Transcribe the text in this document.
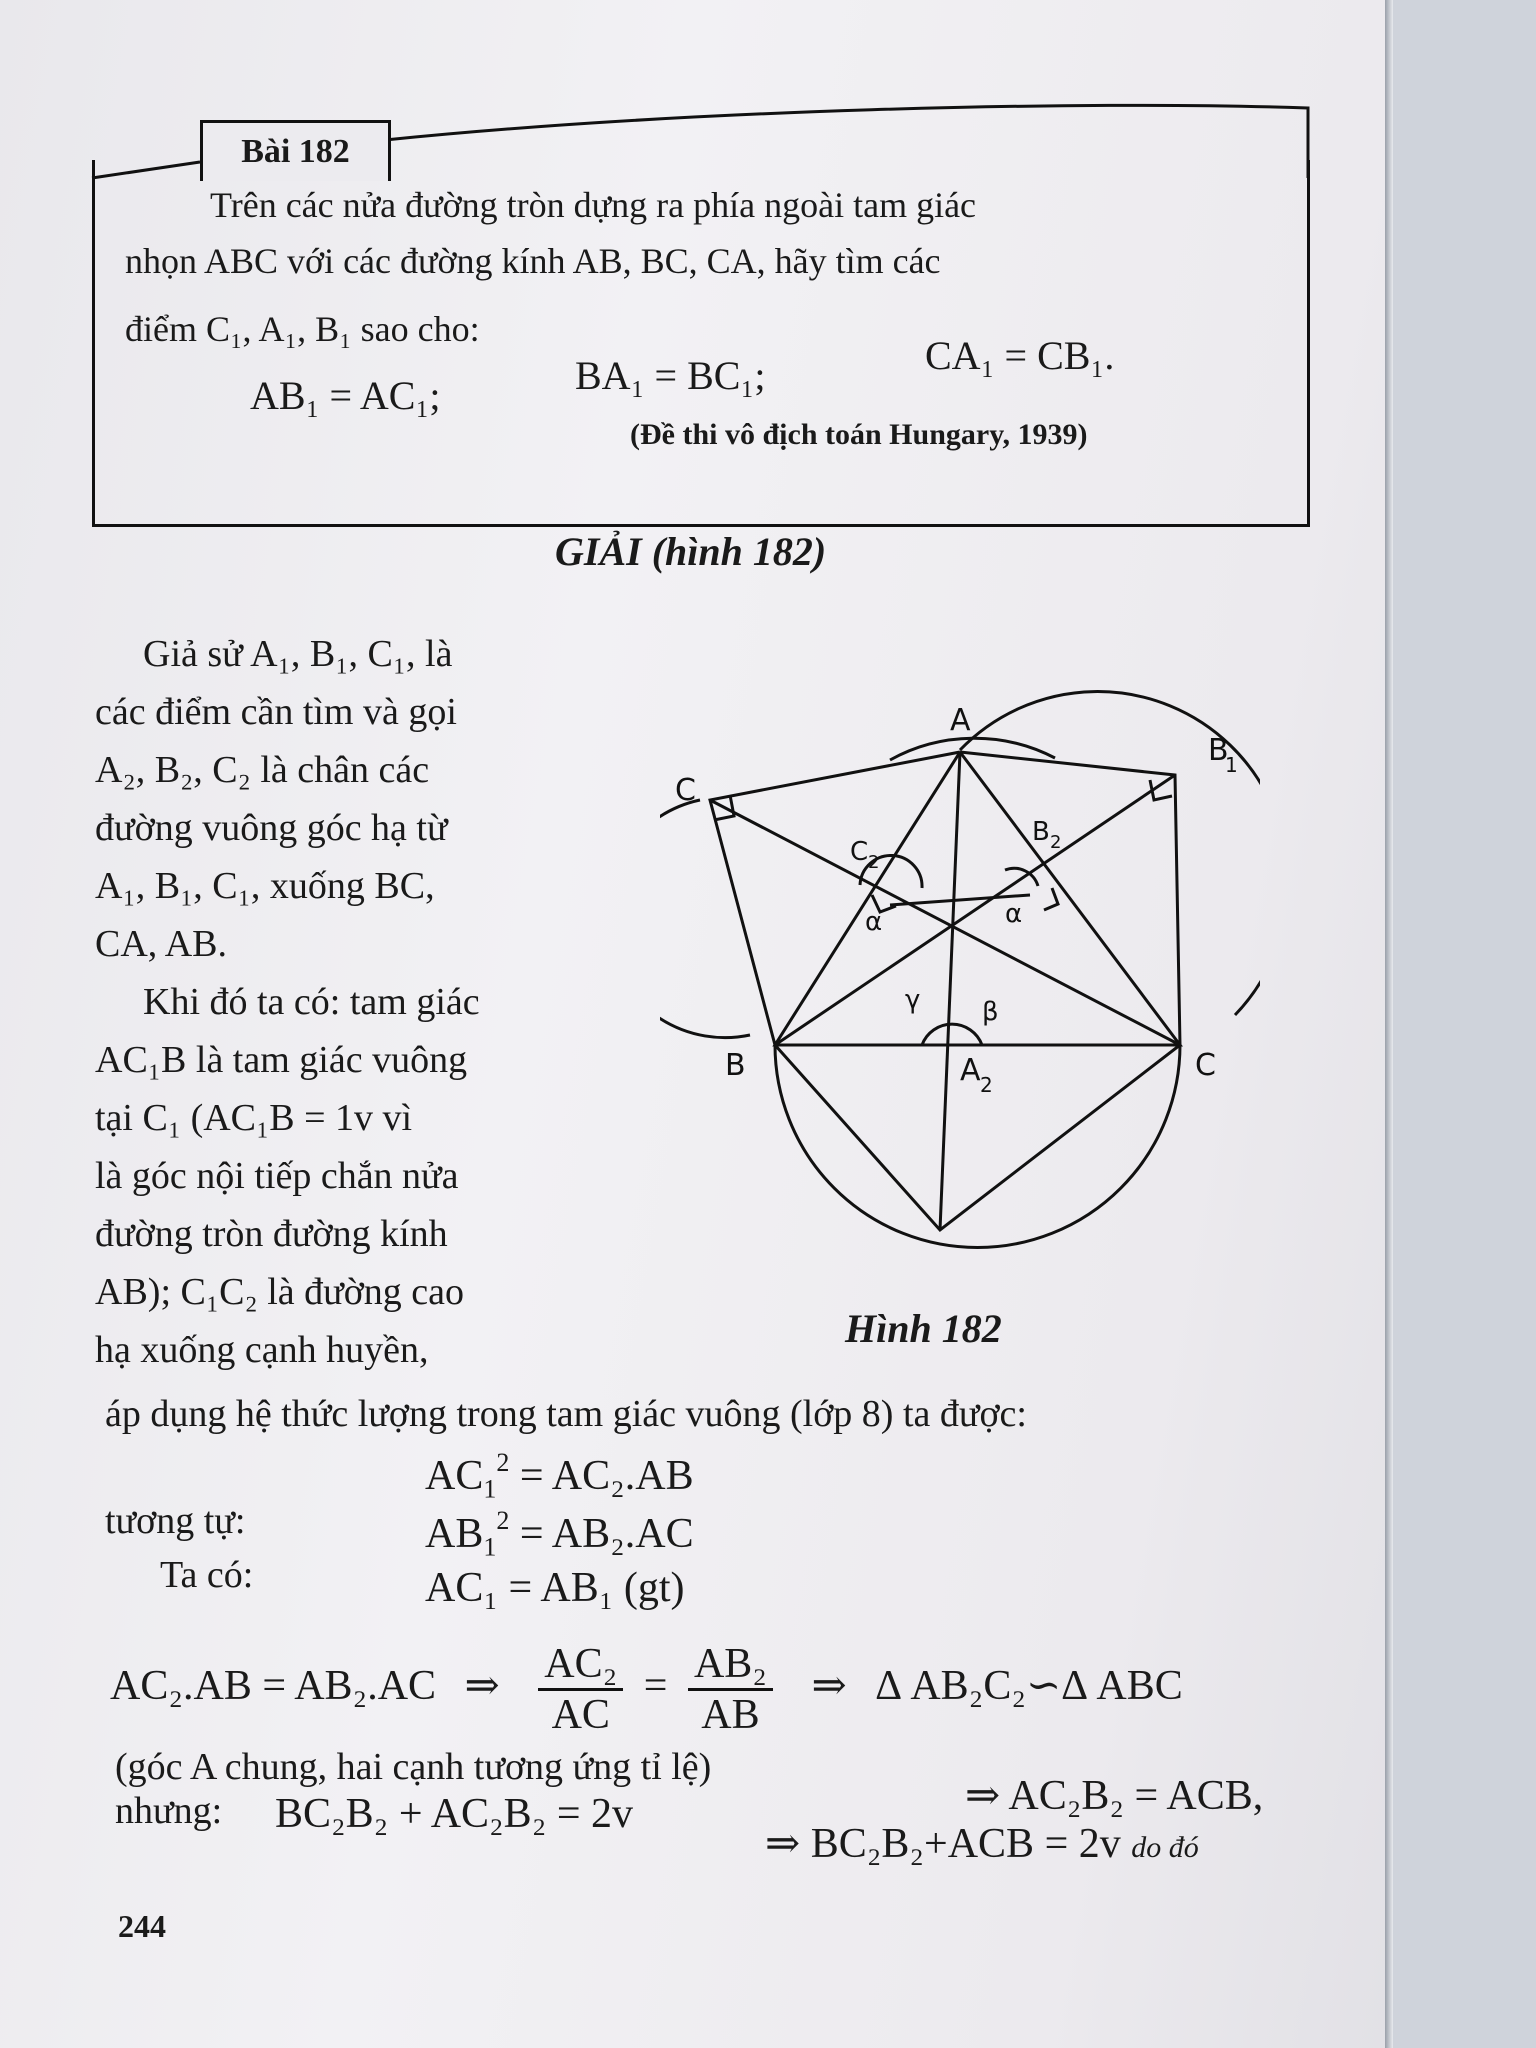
Bài 182
Trên các nửa đường tròn dựng ra phía ngoài tam giác
nhọn ABC với các đường kính AB, BC, CA, hãy tìm các
điểm C₁, A₁, B₁ sao cho:
AB₁ = AC₁;	BA₁ = BC₁;	CA₁ = CB₁.
(Đề thi vô địch toán Hungary, 1939)
GIẢI (hình 182)
Giả sử A₁, B₁, C₁, là
các điểm cần tìm và gọi
A₂, B₂, C₂ là chân các
đường vuông góc hạ từ
A₁, B₁, C₁, xuống BC,
CA, AB.
Khi đó ta có: tam giác
AC₁B là tam giác vuông
tại C₁ (AC₁B = 1v vì
là góc nội tiếp chắn nửa
đường tròn đường kính
AB); C₁C₂ là đường cao
hạ xuống cạnh huyền,
A
C
B
1
C 2
B 2
α	α
β
γ
B	C
A 2
Hình 182
áp dụng hệ thức lượng trong tam giác vuông (lớp 8) ta được:
$AC_1^2 = AC_2.AB$
tương tự:	$AB_1^2 = AB_2.AC$
Ta có:	AC₁ = AB₁ (gt)
AC₂.AB = AB₂.AC ⇒ $\frac{\text{AC₂}}{AC} = \frac{\text{AB₂}}{AB}$ ⇒ Δ AB₂C₂∽Δ ABC
(góc A chung, hai cạnh tương ứng tỉ lệ)
⇒ AC₂B₂ = ACB,
nhưng: BC₂B₂ + AC₂B₂ = 2v
⇒ BC₂B₂+ACB = 2v do đó
244
